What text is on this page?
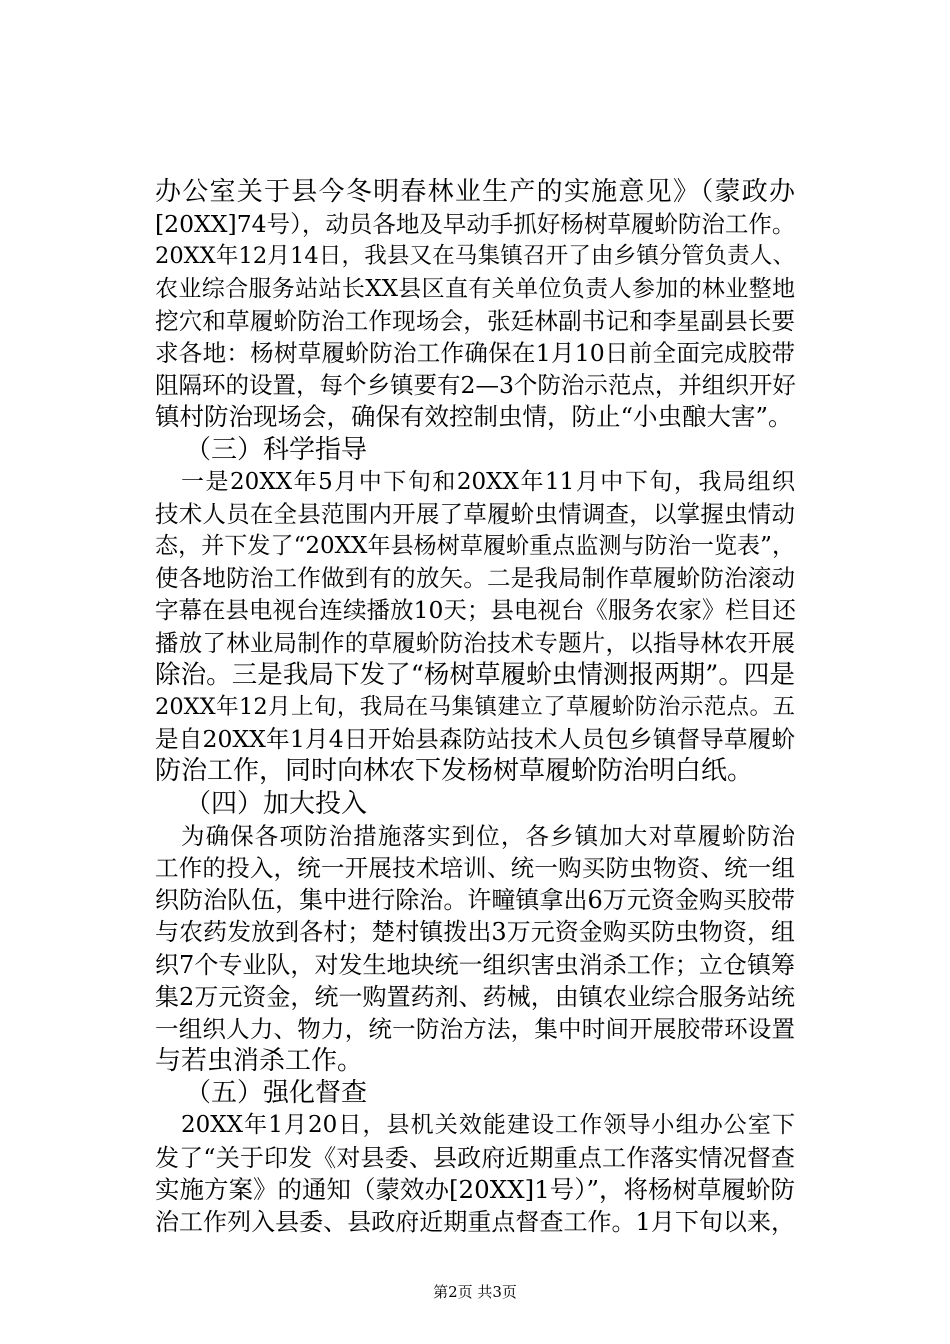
办公室关于县今冬明春林业生产的实施意见》（蒙政办
[20XX]74号），动员各地及早动手抓好杨树草履蚧防治工作。
20XX年12月14日，我县又在马集镇召开了由乡镇分管负责人、
农业综合服务站站长XX县区直有关单位负责人参加的林业整地
挖穴和草履蚧防治工作现场会，张廷林副书记和李星副县长要
求各地：杨树草履蚧防治工作确保在1月10日前全面完成胶带
阻隔环的设置，每个乡镇要有2—3个防治示范点，并组织开好
镇村防治现场会，确保有效控制虫情，防止“小虫酿大害”。
（三）科学指导
一是20XX年5月中下旬和20XX年11月中下旬，我局组织
技术人员在全县范围内开展了草履蚧虫情调查，以掌握虫情动
态，并下发了“20XX年县杨树草履蚧重点监测与防治一览表”，
使各地防治工作做到有的放矢。二是我局制作草履蚧防治滚动
字幕在县电视台连续播放10天；县电视台《服务农家》栏目还
播放了林业局制作的草履蚧防治技术专题片，以指导林农开展
除治。三是我局下发了“杨树草履蚧虫情测报两期”。四是
20XX年12月上旬，我局在马集镇建立了草履蚧防治示范点。五
是自20XX年1月4日开始县森防站技术人员包乡镇督导草履蚧
防治工作，同时向林农下发杨树草履蚧防治明白纸。
（四）加大投入
为确保各项防治措施落实到位，各乡镇加大对草履蚧防治
工作的投入，统一开展技术培训、统一购买防虫物资、统一组
织防治队伍，集中进行除治。许疃镇拿出6万元资金购买胶带
与农药发放到各村；楚村镇拨出3万元资金购买防虫物资，组
织7个专业队，对发生地块统一组织害虫消杀工作；立仓镇筹
集2万元资金，统一购置药剂、药械，由镇农业综合服务站统
一组织人力、物力，统一防治方法，集中时间开展胶带环设置
与若虫消杀工作。
（五）强化督查
20XX年1月20日，县机关效能建设工作领导小组办公室下
发了“关于印发《对县委、县政府近期重点工作落实情况督查
实施方案》的通知（蒙效办[20XX]1号）”，将杨树草履蚧防
治工作列入县委、县政府近期重点督查工作。1月下旬以来，
第2页 共3页
